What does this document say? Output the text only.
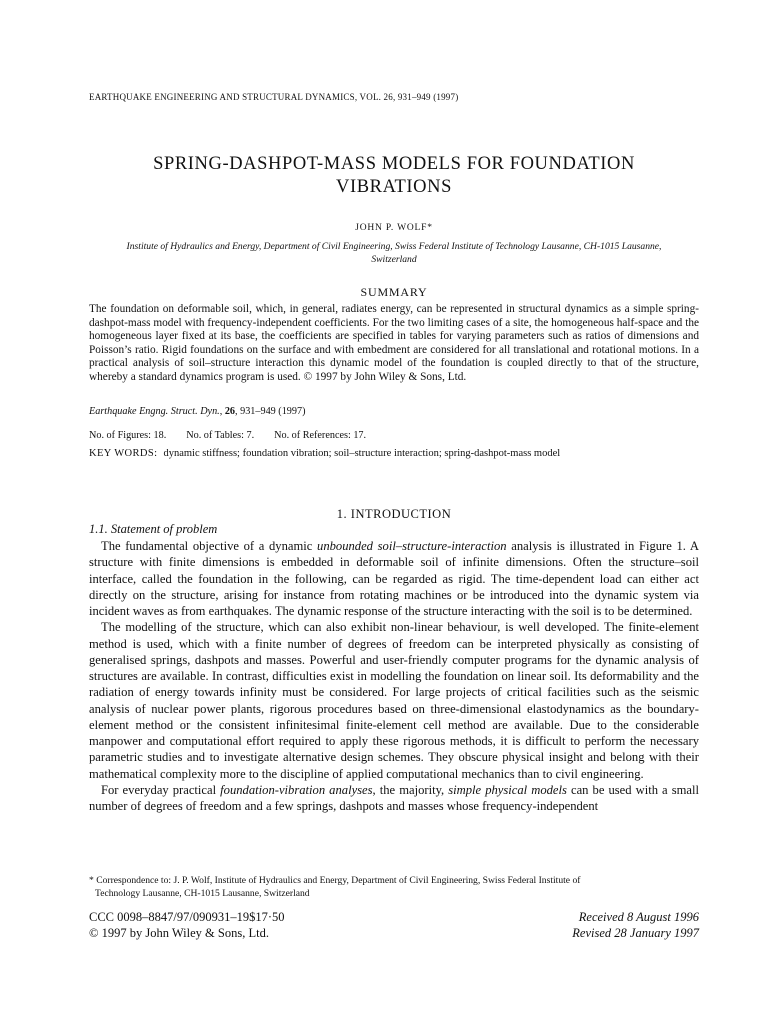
EARTHQUAKE ENGINEERING AND STRUCTURAL DYNAMICS, VOL. 26, 931–949 (1997)
SPRING-DASHPOT-MASS MODELS FOR FOUNDATION
VIBRATIONS
JOHN P. WOLF*
Institute of Hydraulics and Energy, Department of Civil Engineering, Swiss Federal Institute of Technology Lausanne, CH-1015 Lausanne,
Switzerland
SUMMARY

The foundation on deformable soil, which, in general, radiates energy, can be represented in structural dynamics as a simple spring-dashpot-mass model with frequency-independent coefficients. For the two limiting cases of a site, the homogeneous half-space and the homogeneous layer fixed at its base, the coefficients are specified in tables for varying parameters such as ratios of dimensions and Poisson’s ratio. Rigid foundations on the surface and with embedment are considered for all translational and rotational motions. In a practical analysis of soil–structure interaction this dynamic model of the foundation is coupled directly to that of the structure, whereby a standard dynamics program is used. © 1997 by John Wiley & Sons, Ltd.

Earthquake Engng. Struct. Dyn., 26, 931–949 (1997)
No. of Figures: 18. No. of Tables: 7. No. of References: 17.
KEY WORDS: dynamic stiffness; foundation vibration; soil–structure interaction; spring-dashpot-mass model
1. INTRODUCTION
1.1. Statement of problem

The fundamental objective of a dynamic unbounded soil–structure-interaction analysis is illustrated in Figure 1. A structure with finite dimensions is embedded in deformable soil of infinite dimensions. Often the structure–soil interface, called the foundation in the following, can be regarded as rigid. The time-dependent load can either act directly on the structure, arising for instance from rotating machines or be introduced into the dynamic system via incident waves as from earthquakes. The dynamic response of the structure interacting with the soil is to be determined.

The modelling of the structure, which can also exhibit non-linear behaviour, is well developed. The finite-element method is used, which with a finite number of degrees of freedom can be interpreted physically as consisting of generalised springs, dashpots and masses. Powerful and user-friendly computer programs for the dynamic analysis of structures are available. In contrast, difficulties exist in modelling the foundation on linear soil. Its deformability and the radiation of energy towards infinity must be considered. For large projects of critical facilities such as the seismic analysis of nuclear power plants, rigorous procedures based on three-dimensional elastodynamics as the boundary-element method or the consistent infinitesimal finite-element cell method are available. Due to the considerable manpower and computational effort required to apply these rigorous methods, it is difficult to perform the necessary parametric studies and to investigate alternative design schemes. They obscure physical insight and belong with their mathematical complexity more to the discipline of applied computational mechanics than to civil engineering.

For everyday practical foundation-vibration analyses, the majority, simple physical models can be used with a small number of degrees of freedom and a few springs, dashpots and masses whose frequency-independent

* Correspondence to: J. P. Wolf, Institute of Hydraulics and Energy, Department of Civil Engineering, Swiss Federal Institute of
Technology Lausanne, CH-1015 Lausanne, Switzerland
CCC 0098–8847/97/090931–19$17·50
© 1997 by John Wiley & Sons, Ltd.
Received 8 August 1996
Revised 28 January 1997
